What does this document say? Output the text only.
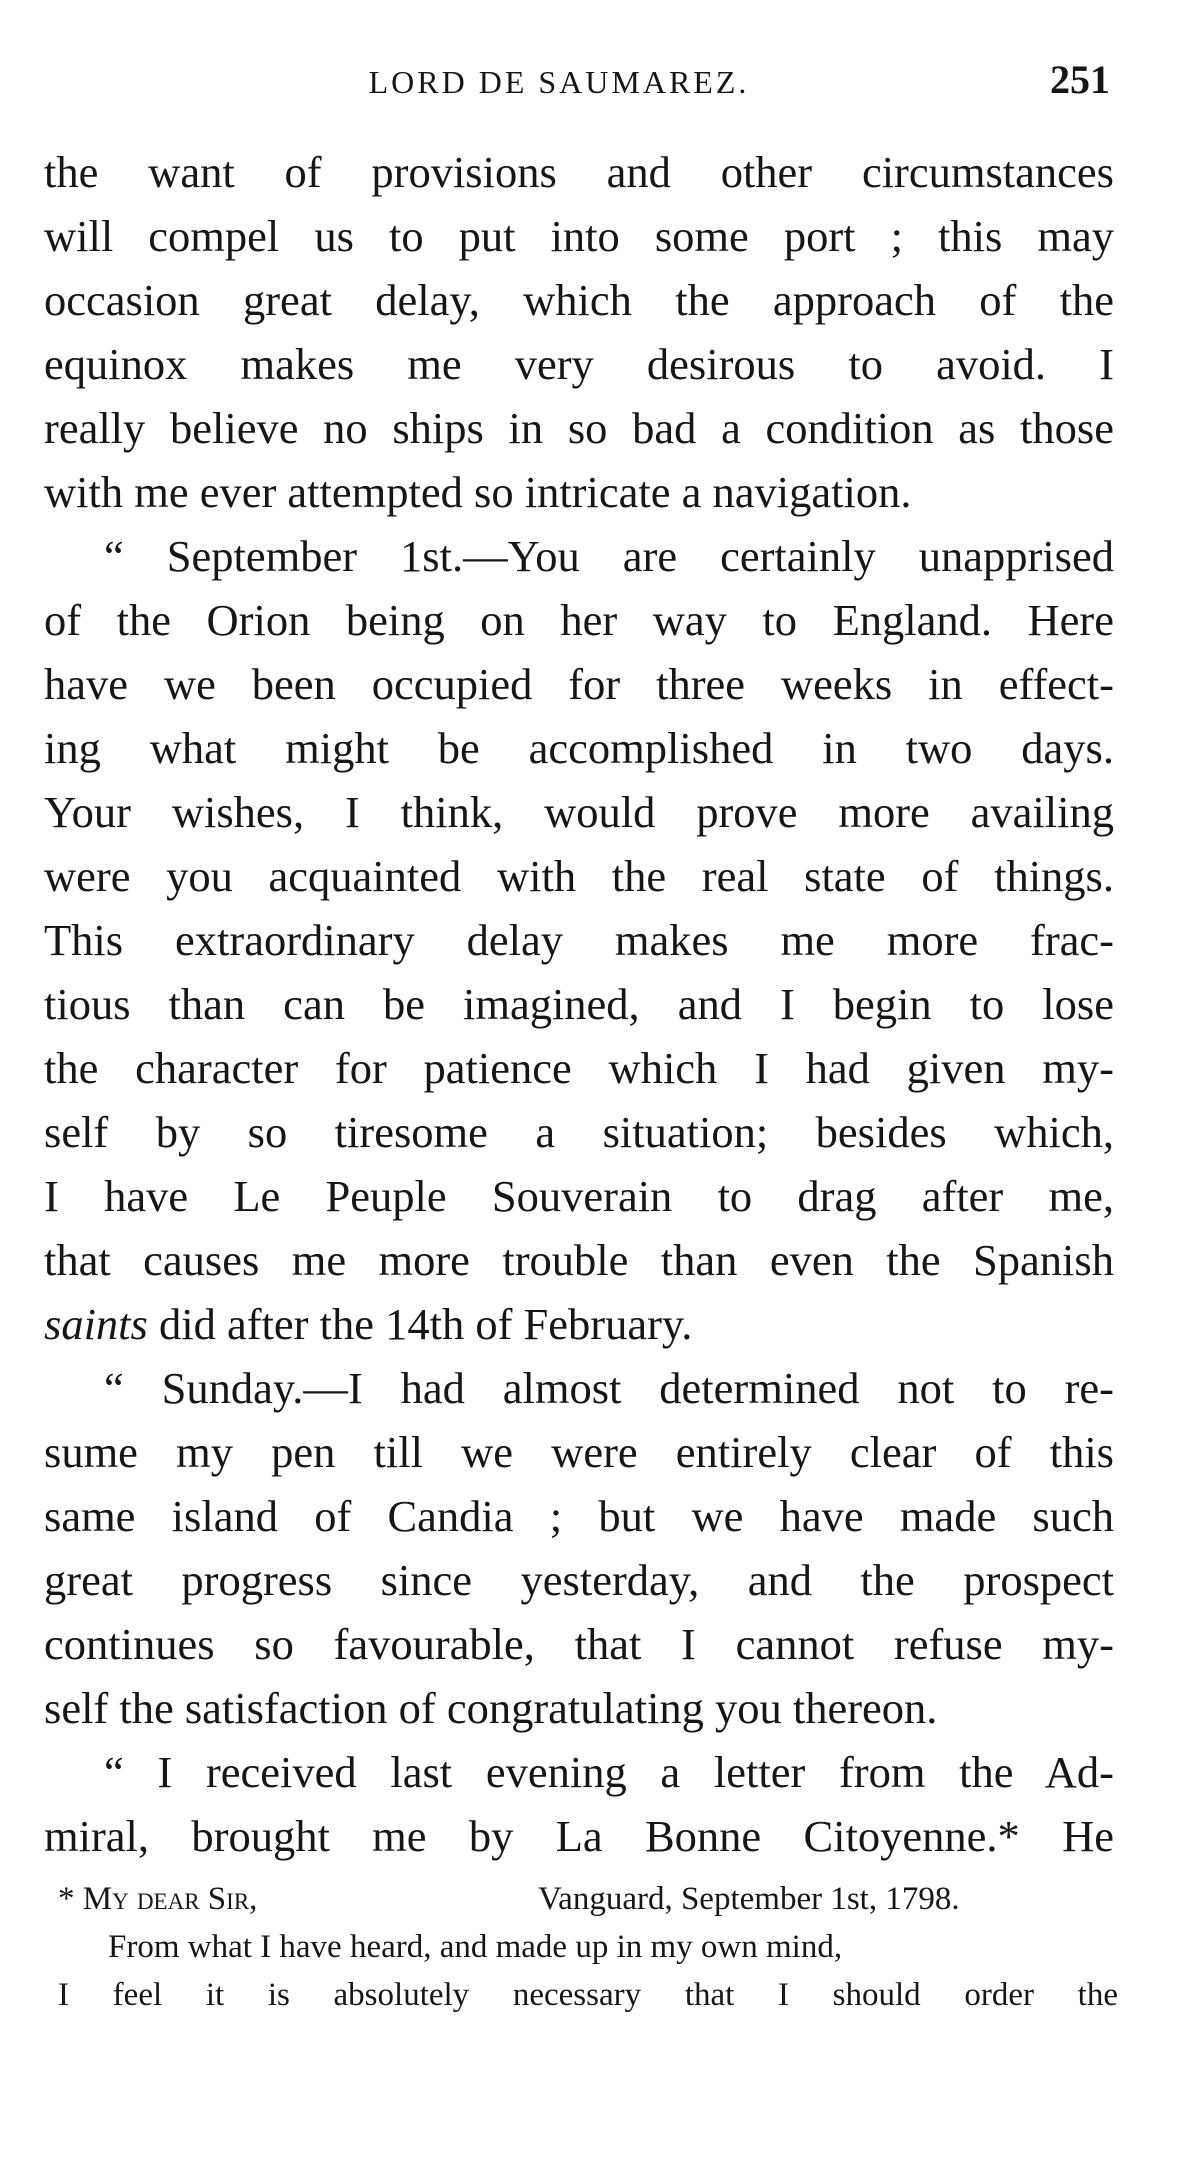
LORD DE SAUMAREZ.	251
the want of provisions and other circumstances
will compel us to put into some port ; this may
occasion great delay, which the approach of the
equinox makes me very desirous to avoid. I
really believe no ships in so bad a condition as those
with me ever attempted so intricate a navigation.
“ September 1st.—You are certainly unapprised
of the Orion being on her way to England. Here
have we been occupied for three weeks in effect-
ing what might be accomplished in two days.
Your wishes, I think, would prove more availing
were you acquainted with the real state of things.
This extraordinary delay makes me more frac-
tious than can be imagined, and I begin to lose
the character for patience which I had given my-
self by so tiresome a situation; besides which,
I have Le Peuple Souverain to drag after me,
that causes me more trouble than even the Spanish
saints did after the 14th of February.
“ Sunday.—I had almost determined not to re-
sume my pen till we were entirely clear of this
same island of Candia ; but we have made such
great progress since yesterday, and the prospect
continues so favourable, that I cannot refuse my-
self the satisfaction of congratulating you thereon.
“ I received last evening a letter from the Ad-
miral, brought me by La Bonne Citoyenne.* He
* My dear Sir,	Vanguard, September 1st, 1798.
From what I have heard, and made up in my own mind,
I feel it is absolutely necessary that I should order the
